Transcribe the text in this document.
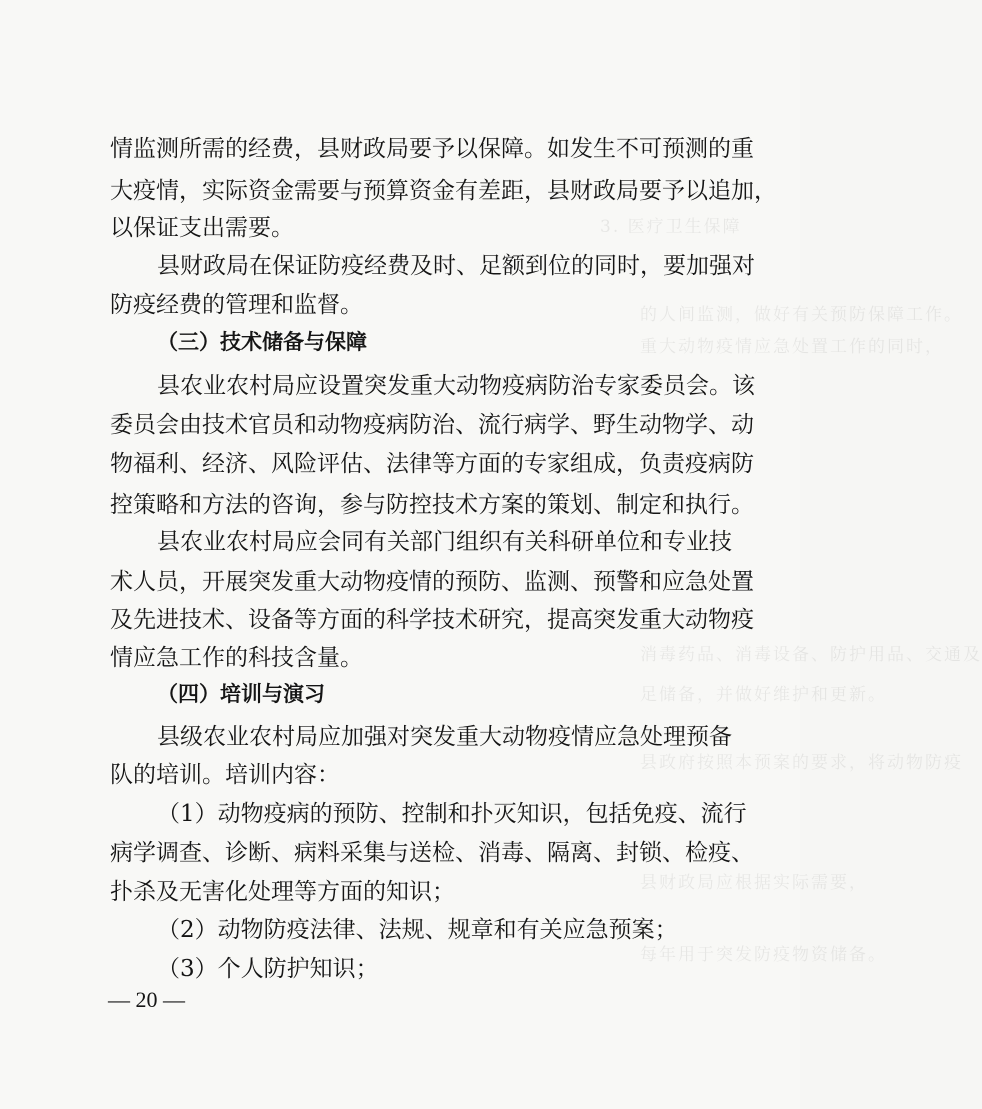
3. 医疗卫生保障
的人间监测，做好有关预防保障工作。
重大动物疫情应急处置工作的同时，
消毒药品、消毒设备、防护用品、交通及
足储备，并做好维护和更新。
县政府按照本预案的要求，将动物防疫
县财政局应根据实际需要，
每年用于突发防疫物资储备。
情监测所需的经费，县财政局要予以保障。如发生不可预测的重
大疫情，实际资金需要与预算资金有差距，县财政局要予以追加，
以保证支出需要。
县财政局在保证防疫经费及时、足额到位的同时，要加强对
防疫经费的管理和监督。
（三）技术储备与保障
县农业农村局应设置突发重大动物疫病防治专家委员会。该
委员会由技术官员和动物疫病防治、流行病学、野生动物学、动
物福利、经济、风险评估、法律等方面的专家组成，负责疫病防
控策略和方法的咨询，参与防控技术方案的策划、制定和执行。
县农业农村局应会同有关部门组织有关科研单位和专业技
术人员，开展突发重大动物疫情的预防、监测、预警和应急处置
及先进技术、设备等方面的科学技术研究，提高突发重大动物疫
情应急工作的科技含量。
（四）培训与演习
县级农业农村局应加强对突发重大动物疫情应急处理预备
队的培训。培训内容：
（1）动物疫病的预防、控制和扑灭知识，包括免疫、流行
病学调查、诊断、病料采集与送检、消毒、隔离、封锁、检疫、
扑杀及无害化处理等方面的知识；
（2）动物防疫法律、法规、规章和有关应急预案；
（3）个人防护知识；
— 20 —
